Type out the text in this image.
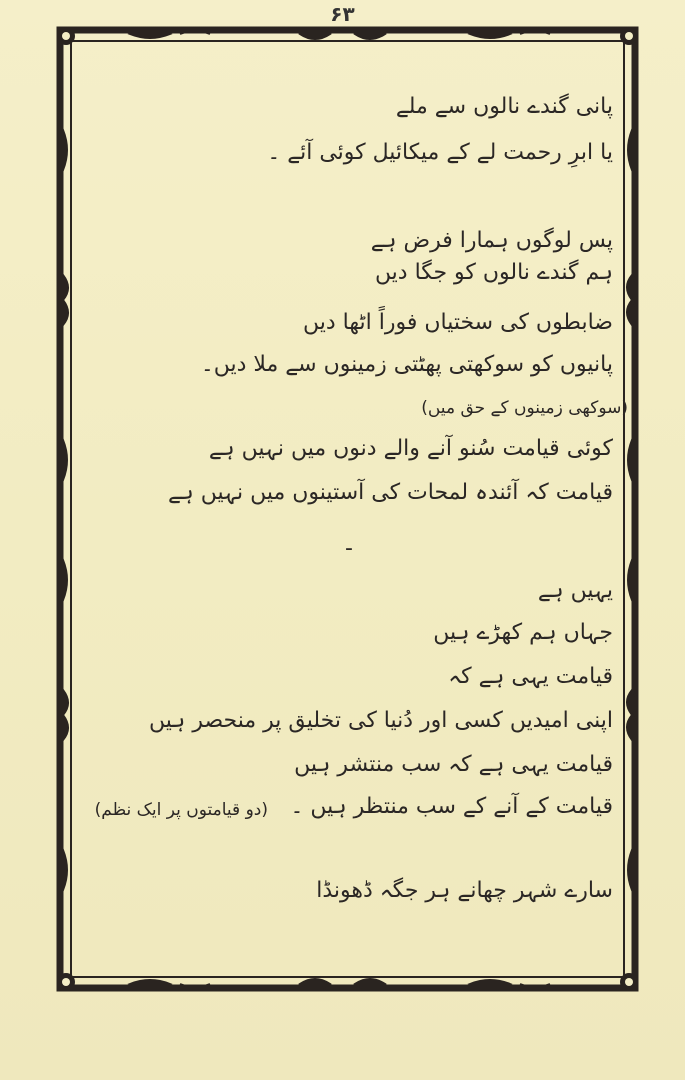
۶۳
پانی گندے نالوں سے ملے
یا ابرِ رحمت لے کے میکائیل کوئی آئے ۔
پس لوگوں ہمارا فرض ہے
ہم گندے نالوں کو جگا دیں
ضابطوں کی سختیاں فوراً اٹھا دیں
پانیوں کو سوکھتی پھٹتی زمینوں سے ملا دیں۔
(سوکھی زمینوں کے حق میں)
کوئی قیامت سُنو آنے والے دنوں میں نہیں ہے
قیامت کہ آئندہ لمحات کی آستینوں میں نہیں ہے
-
یہیں ہے
جہاں ہم کھڑے ہیں
قیامت یہی ہے کہ
اپنی امیدیں کسی اور دُنیا کی تخلیق پر منحصر ہیں
قیامت یہی ہے کہ سب منتشر ہیں
قیامت کے آنے کے سب منتظر ہیں ۔
(دو قیامتوں پر ایک نظم)
سارے شہر چھانے ہر جگہ ڈھونڈا
